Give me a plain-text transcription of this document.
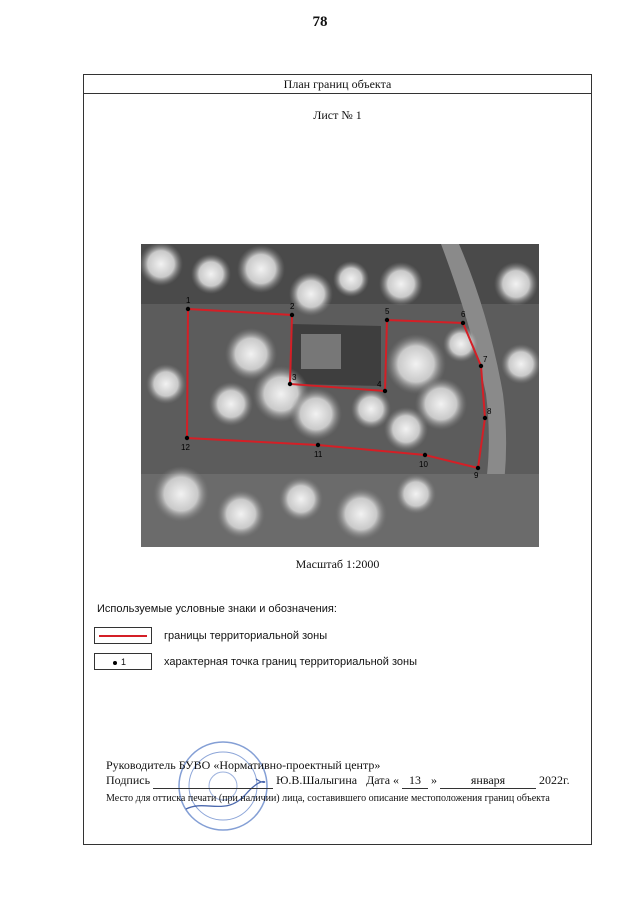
78
План границ объекта
Лист № 1
1
2
3
4
5	6
7
8
9
10
11
12
Масштаб 1:2000
Используемые условные знаки и обозначения:
границы территориальной зоны
1	характерная точка границ территориальной зоны
Руководитель БУВО «Нормативно-проектный центр»
Подпись	Ю.В.Шалыгина Дата « 13 »	января	2022г.
Место для оттиска печати (при наличии) лица, составившего описание местоположения границ объекта
